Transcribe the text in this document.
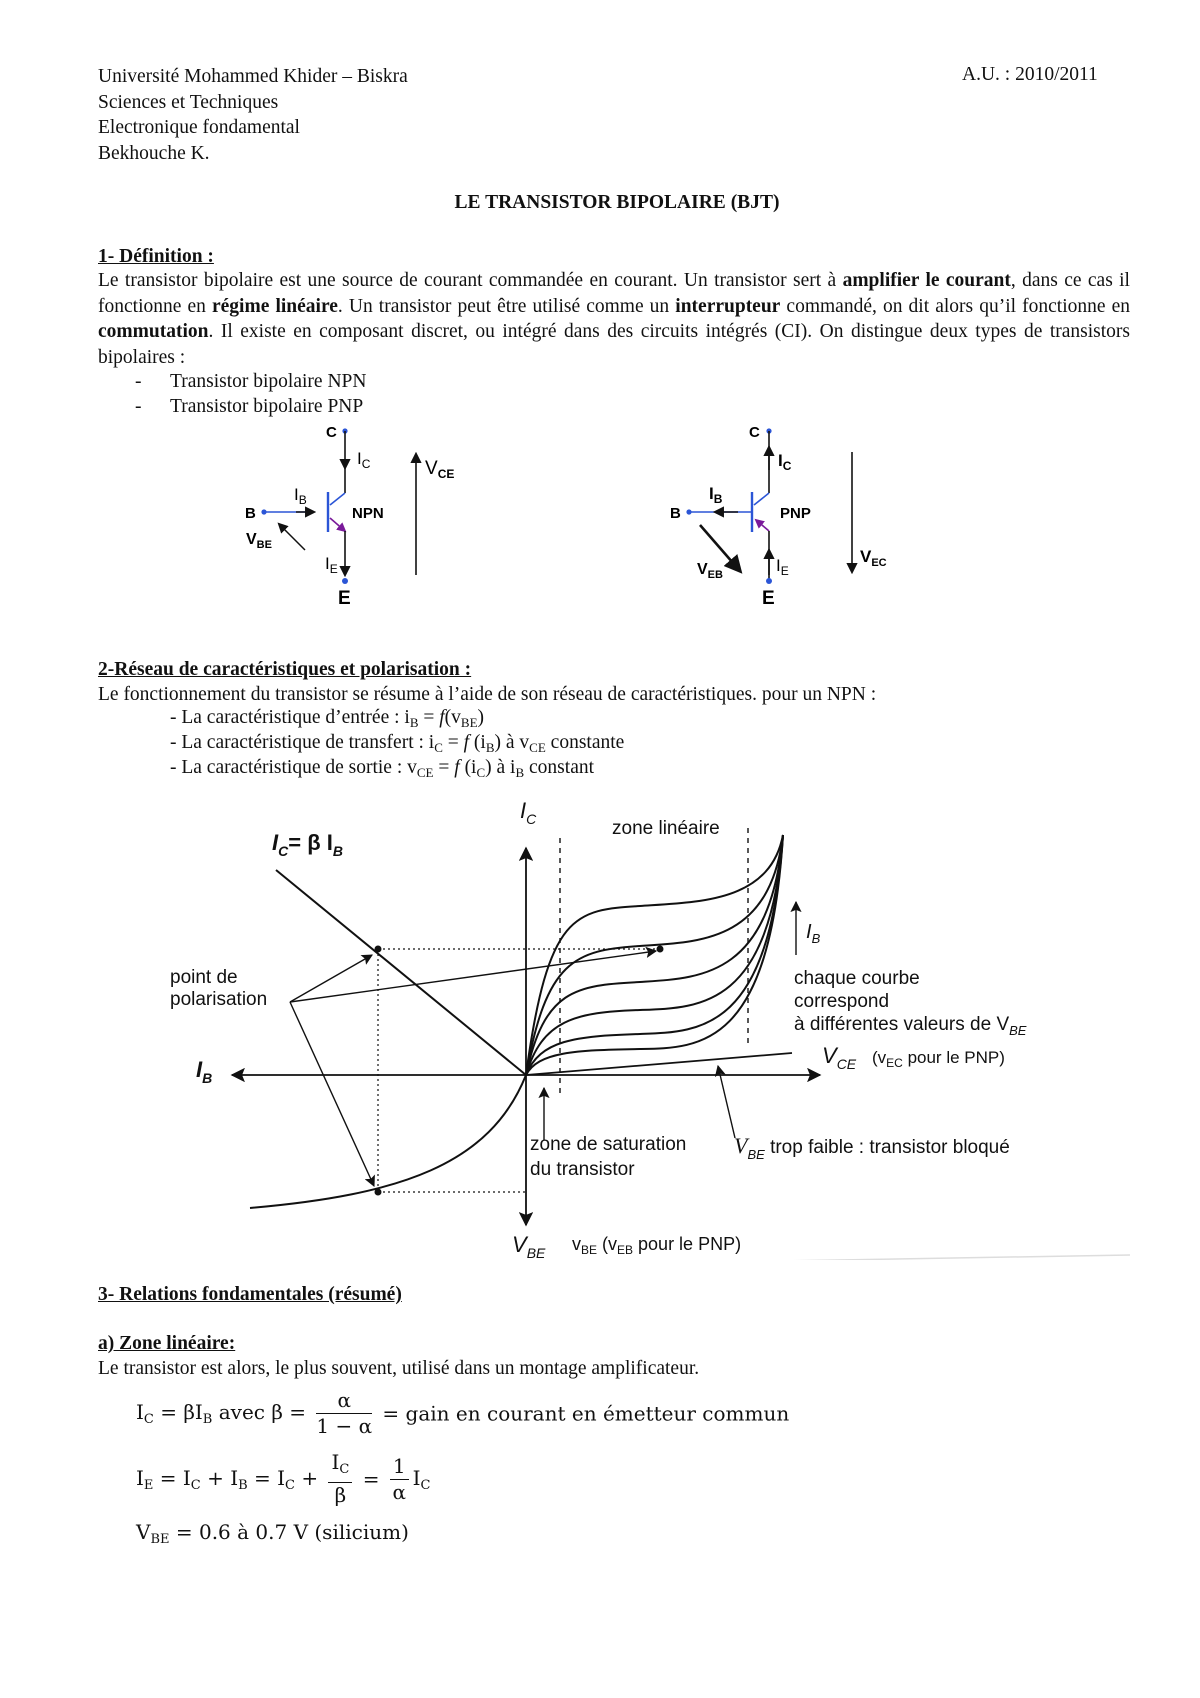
Université Mohammed Khider – Biskra
Sciences et Techniques
Electronique fondamental
Bekhouche K.
A.U. : 2010/2011
LE TRANSISTOR BIPOLAIRE (BJT)
1- Définition :
Le transistor bipolaire est une source de courant commandée en courant. Un transistor sert à amplifier le courant, dans ce cas il fonctionne en régime linéaire. Un transistor peut être utilisé comme un interrupteur commandé, on dit alors qu’il fonctionne en commutation. Il existe en composant discret, ou intégré dans des circuits intégrés (CI). On distingue deux types de transistors bipolaires :
- Transistor bipolaire NPN
- Transistor bipolaire PNP
C
$I_C$
$I_E$
E
B
$I_B$
NPN
$V_{BE}$
$V_{CE}$
C
$I_C$
$I_E$
E
B
$I_B$
PNP
$V_{EB}$
$V_{EC}$
2-Réseau de caractéristiques et polarisation :
Le fonctionnement du transistor se résume à l’aide de son réseau de caractéristiques. pour un NPN :
- La caractéristique d’entrée : $i_B = f(v_{BE})$
- La caractéristique de transfert : $i_C = f$ $(i_B)$ à $v_{CE}$ constante
- La caractéristique de sortie : $v_{CE} = f$ $(i_C)$ à $i_B$ constant
$I_C$	zone linéaire
$I_C= \beta$ $I_B$
$I_B$
point de
polarisation
$I_B$
chaque courbe
correspond
à différentes valeurs de $V_{BE}$
$V_{CE}$ ($v_{EC}$ pour le PNP)
zone de saturation
du transistor
$V_{BE}$ trop faible : transistor bloqué
$V_{BE}$ $v_{BE}$ ($v_{EB}$ pour le PNP)
3- Relations fondamentales (résumé)
a) Zone linéaire:
Le transistor est alors, le plus souvent, utilisé dans un montage amplificateur.
$I_C = \beta I_B$ avec $\beta = \frac{\alpha}{1 - \alpha}$ = gain en courant en émetteur commun
$I_E = I_C + I_B = I_C + \frac{I_C}{\beta} = \frac{1}{\alpha} I_C$
$V_{BE} = 0.6$ à 0.7 V (silicium)
